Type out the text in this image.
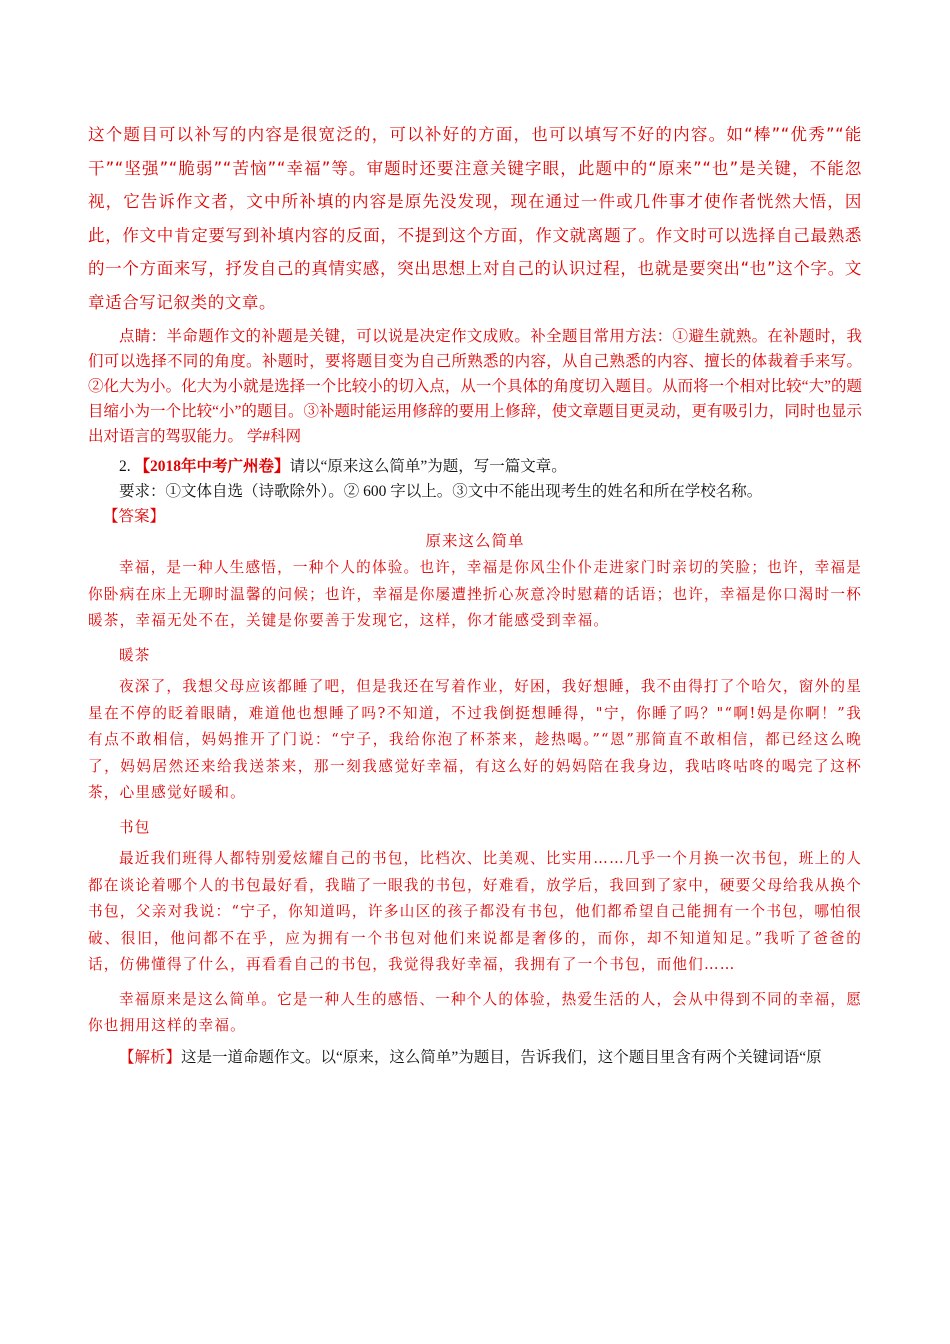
这个题目可以补写的内容是很宽泛的，可以补好的方面，也可以填写不好的内容。如“棒”“优秀”“能干”“坚强”“脆弱”“苦恼”“幸福”等。审题时还要注意关键字眼，此题中的“原来”“也”是关键，不能忽视，它告诉作文者，文中所补填的内容是原先没发现，现在通过一件或几件事才使作者恍然大悟，因此，作文中肯定要写到补填内容的反面，不提到这个方面，作文就离题了。作文时可以选择自己最熟悉的一个方面来写，抒发自己的真情实感，突出思想上对自己的认识过程，也就是要突出“也”这个字。文章适合写记叙类的文章。

点睛：半命题作文的补题是关键，可以说是决定作文成败。补全题目常用方法：①避生就熟。在补题时，我们可以选择不同的角度。补题时，要将题目变为自己所熟悉的内容，从自己熟悉的内容、擅长的体裁着手来写。②化大为小。化大为小就是选择一个比较小的切入点，从一个具体的角度切入题目。从而将一个相对比较“大”的题目缩小为一个比较“小”的题目。③补题时能运用修辞的要用上修辞，使文章题目更灵动，更有吸引力，同时也显示出对语言的驾驭能力。 学#科网

2. 【2018年中考广州卷】请以“原来这么简单”为题，写一篇文章。

要求：①文体自选（诗歌除外）。② 600 字以上。③文中不能出现考生的姓名和所在学校名称。

【答案】

原来这么简单

幸福，是一种人生感悟，一种个人的体验。也许，幸福是你风尘仆仆走进家门时亲切的笑脸；也许，幸福是你卧病在床上无聊时温馨的问候；也许，幸福是你屡遭挫折心灰意冷时慰藉的话语；也许，幸福是你口渴时一杯暖茶，幸福无处不在，关键是你要善于发现它，这样，你才能感受到幸福。

暖茶

夜深了，我想父母应该都睡了吧，但是我还在写着作业，好困，我好想睡，我不由得打了个哈欠，窗外的星星在不停的眨着眼睛，难道他也想睡了吗?不知道，不过我倒挺想睡得，"宁，你睡了吗？"“啊!妈是你啊！”我有点不敢相信，妈妈推开了门说：“宁子，我给你泡了杯茶来，趁热喝。”“恩”那简直不敢相信，都已经这么晚了，妈妈居然还来给我送茶来，那一刻我感觉好幸福，有这么好的妈妈陪在我身边，我咕咚咕咚的喝完了这杯茶，心里感觉好暖和。

书包

最近我们班得人都特别爱炫耀自己的书包，比档次、比美观、比实用……几乎一个月换一次书包，班上的人都在谈论着哪个人的书包最好看，我瞄了一眼我的书包，好难看，放学后，我回到了家中，硬要父母给我从换个书包，父亲对我说：“宁子，你知道吗，许多山区的孩子都没有书包，他们都希望自己能拥有一个书包，哪怕很破、很旧，他问都不在乎，应为拥有一个书包对他们来说都是奢侈的，而你，却不知道知足。”我听了爸爸的话，仿佛懂得了什么，再看看自己的书包，我觉得我好幸福，我拥有了一个书包，而他们……

幸福原来是这么简单。它是一种人生的感悟、一种个人的体验，热爱生活的人，会从中得到不同的幸福，愿你也拥用这样的幸福。

【解析】这是一道命题作文。以“原来，这么简单”为题目，告诉我们，这个题目里含有两个关键词语“原
